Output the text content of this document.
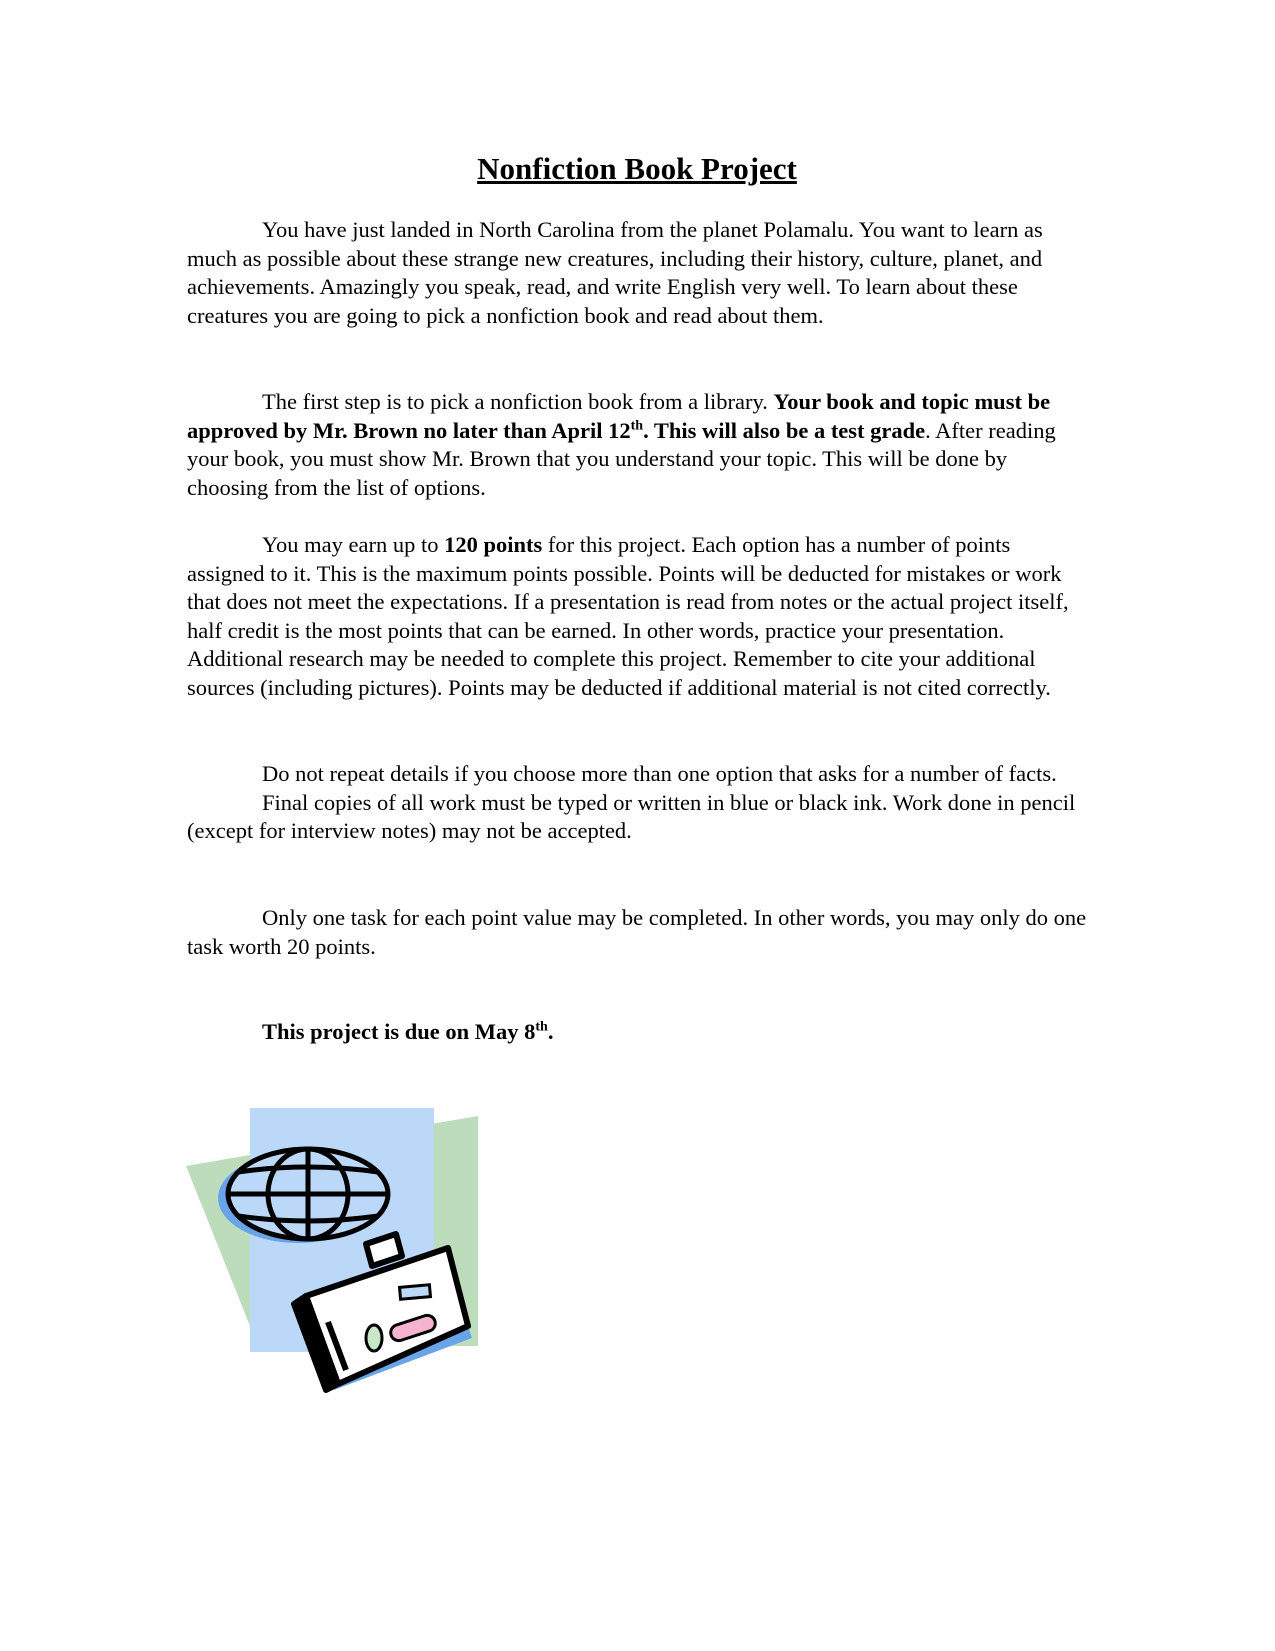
Nonfiction Book Project

You have just landed in North Carolina from the planet Polamalu. You want to learn as much as possible about these strange new creatures, including their history, culture, planet, and achievements. Amazingly you speak, read, and write English very well. To learn about these creatures you are going to pick a nonfiction book and read about them.

The first step is to pick a nonfiction book from a library. Your book and topic must be approved by Mr. Brown no later than April 12th. This will also be a test grade. After reading your book, you must show Mr. Brown that you understand your topic. This will be done by choosing from the list of options.

You may earn up to 120 points for this project. Each option has a number of points assigned to it. This is the maximum points possible. Points will be deducted for mistakes or work that does not meet the expectations. If a presentation is read from notes or the actual project itself, half credit is the most points that can be earned. In other words, practice your presentation. Additional research may be needed to complete this project. Remember to cite your additional sources (including pictures). Points may be deducted if additional material is not cited correctly.

Do not repeat details if you choose more than one option that asks for a number of facts.
Final copies of all work must be typed or written in blue or black ink. Work done in pencil (except for interview notes) may not be accepted.

Only one task for each point value may be completed. In other words, you may only do one task worth 20 points.

This project is due on May 8th.
